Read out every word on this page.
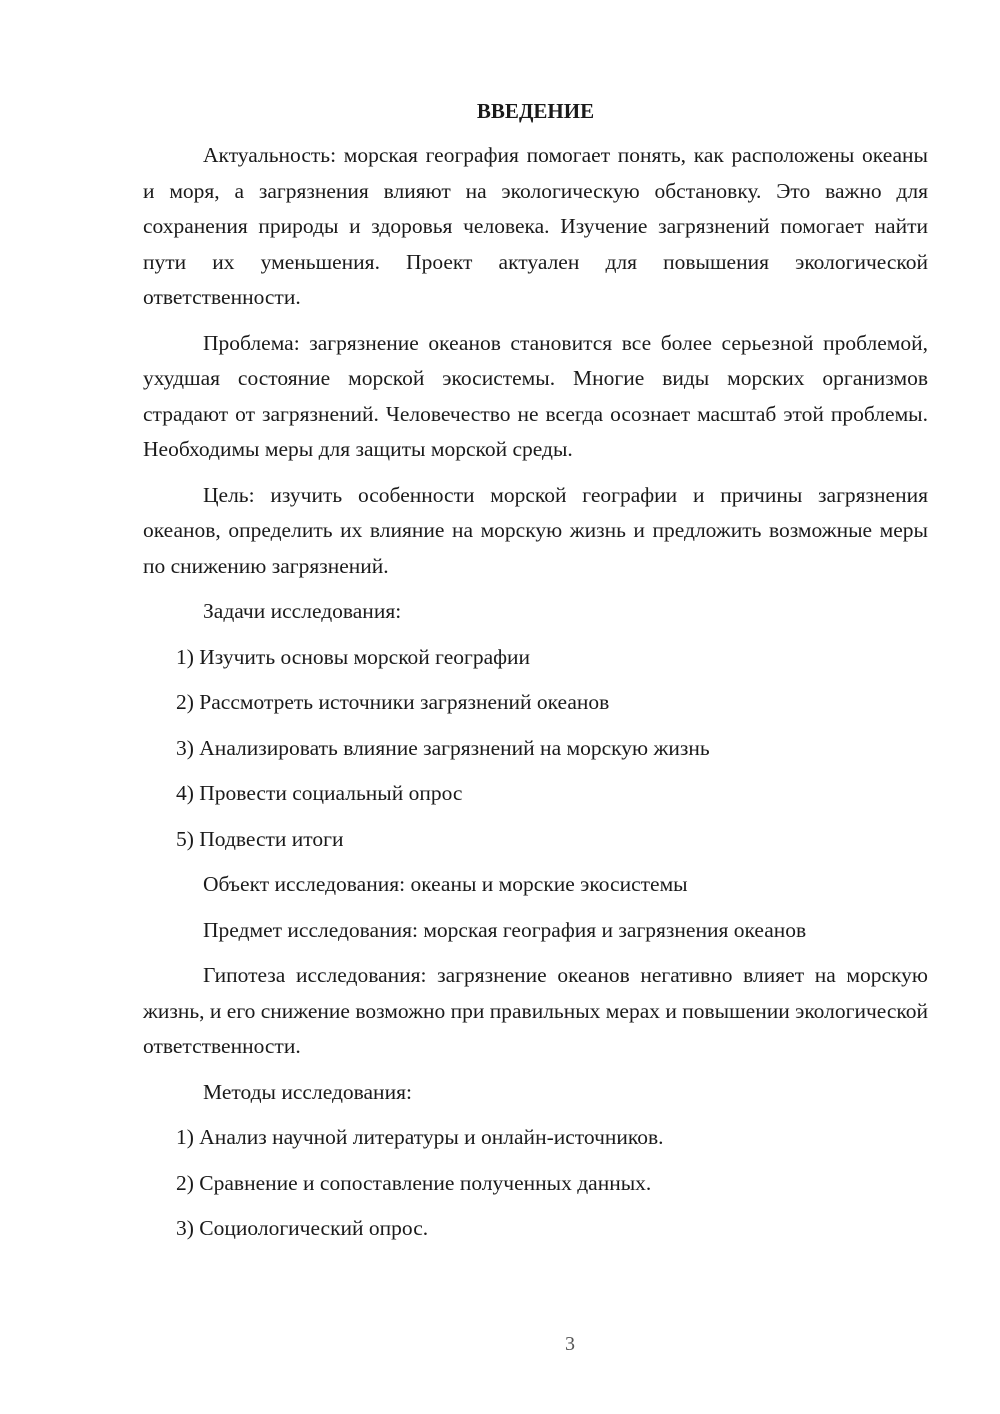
ВВЕДЕНИЕ

Актуальность: морская география помогает понять, как расположены океаны и моря, а загрязнения влияют на экологическую обстановку. Это важно для сохранения природы и здоровья человека. Изучение загрязнений помогает найти пути их уменьшения. Проект актуален для повышения экологической ответственности.

Проблема: загрязнение океанов становится все более серьезной проблемой, ухудшая состояние морской экосистемы. Многие виды морских организмов страдают от загрязнений. Человечество не всегда осознает масштаб этой проблемы. Необходимы меры для защиты морской среды.

Цель: изучить особенности морской географии и причины загрязнения океанов, определить их влияние на морскую жизнь и предложить возможные меры по снижению загрязнений.

Задачи исследования:
1) Изучить основы морской географии
2) Рассмотреть источники загрязнений океанов
3) Анализировать влияние загрязнений на морскую жизнь
4) Провести социальный опрос
5) Подвести итоги
Объект исследования: океаны и морские экосистемы
Предмет исследования: морская география и загрязнения океанов

Гипотеза исследования: загрязнение океанов негативно влияет на морскую жизнь, и его снижение возможно при правильных мерах и повышении экологической ответственности.

Методы исследования:
1) Анализ научной литературы и онлайн-источников.
2) Сравнение и сопоставление полученных данных.
3) Социологический опрос.
3
